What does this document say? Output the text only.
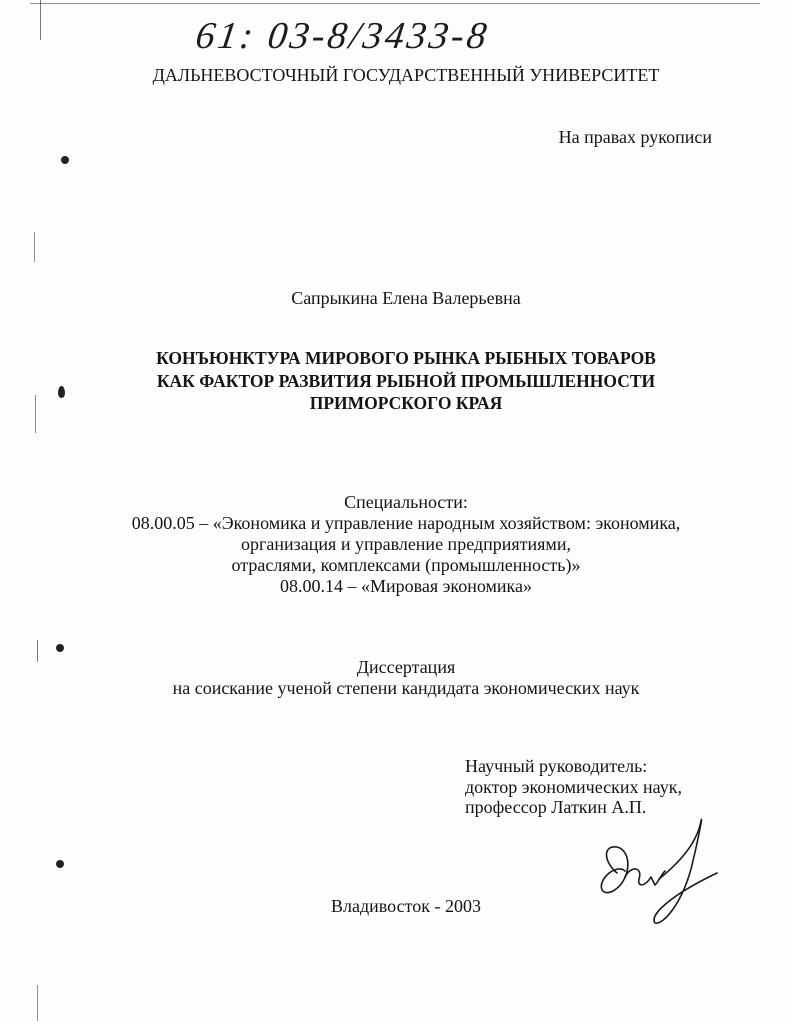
61: 03-8/3433-8
ДАЛЬНЕВОСТОЧНЫЙ ГОСУДАРСТВЕННЫЙ УНИВЕРСИТЕТ
На правах рукописи
Сапрыкина Елена Валерьевна
КОНЪЮНКТУРА МИРОВОГО РЫНКА РЫБНЫХ ТОВАРОВ
КАК ФАКТОР РАЗВИТИЯ РЫБНОЙ ПРОМЫШЛЕННОСТИ
ПРИМОРСКОГО КРАЯ
Специальности:
08.00.05 – «Экономика и управление народным хозяйством: экономика,
организация и управление предприятиями,
отраслями, комплексами (промышленность)»
08.00.14 – «Мировая экономика»
Диссертация
на соискание ученой степени кандидата экономических наук
Научный руководитель:
доктор экономических наук,
профессор Латкин А.П.
Владивосток - 2003
